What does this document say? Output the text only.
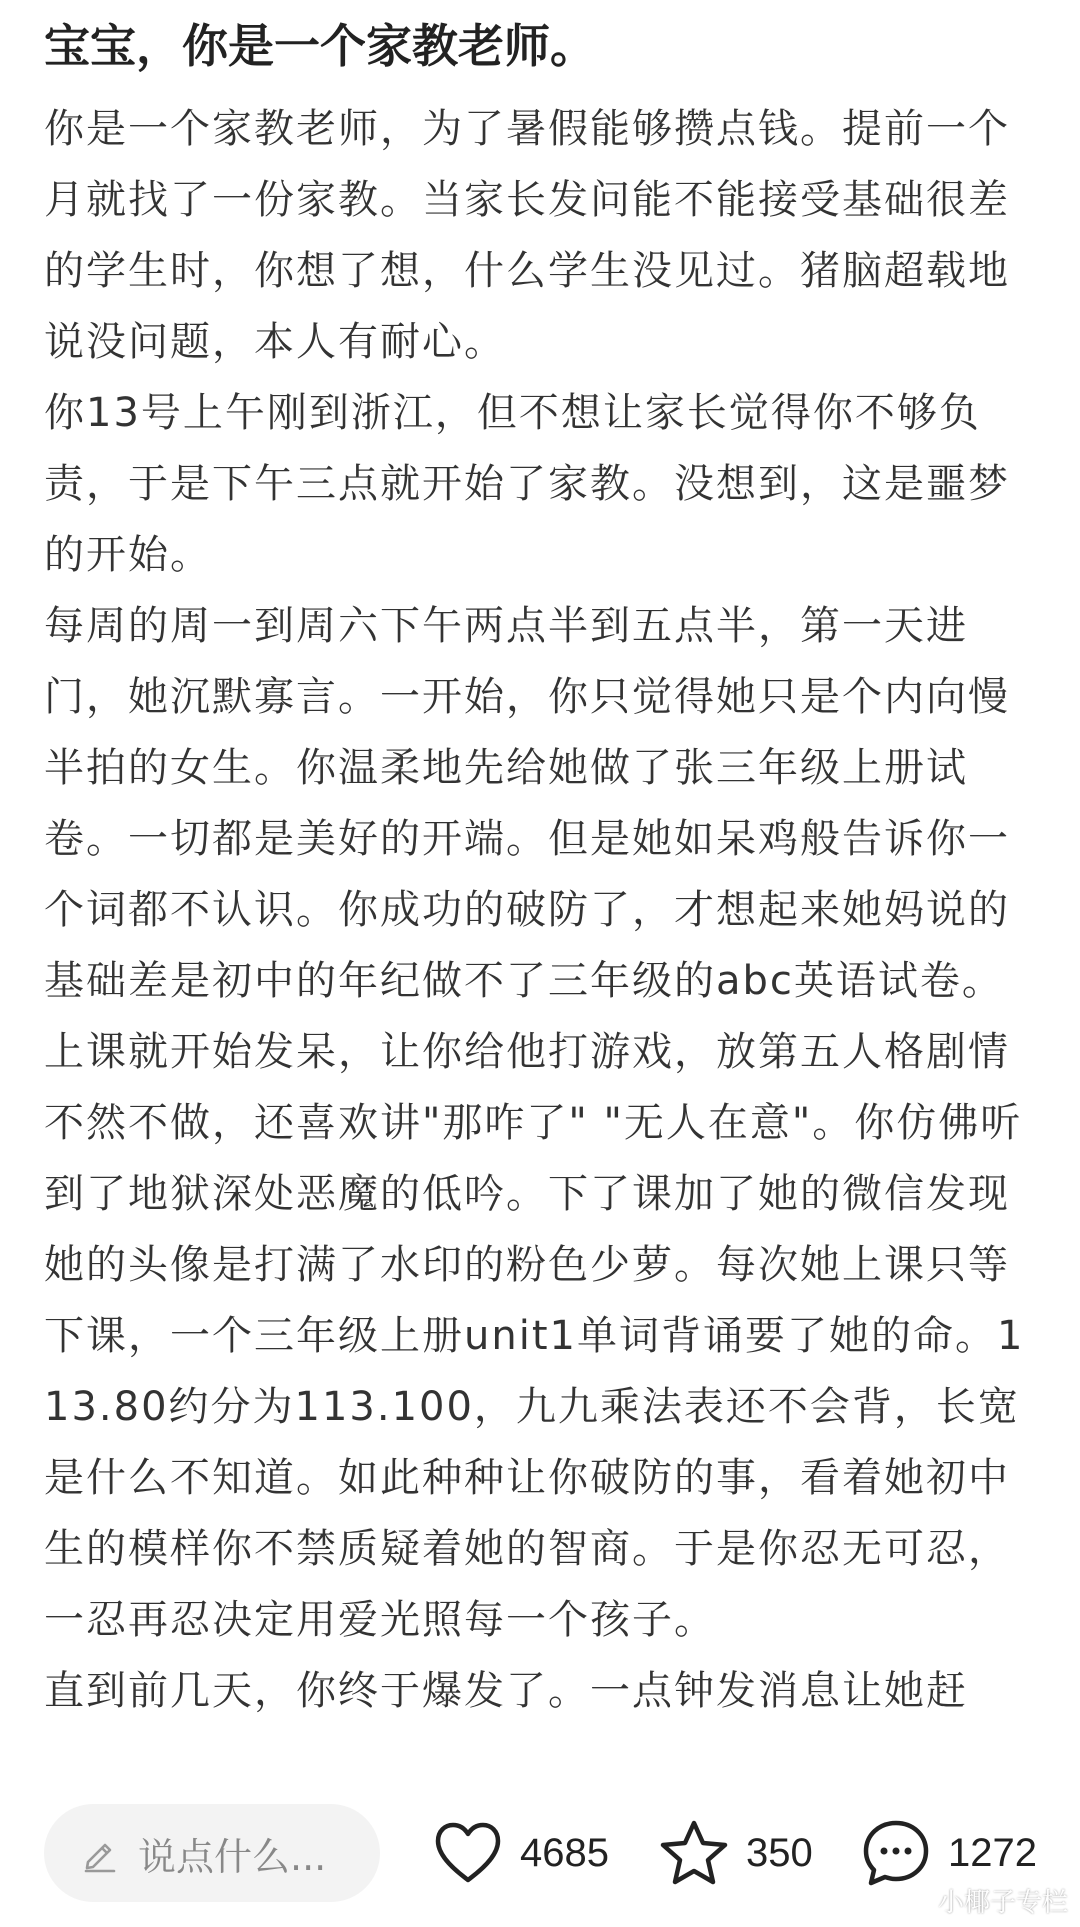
宝宝，你是一个家教老师。

你是一个家教老师，为了暑假能够攒点钱。提前一个月就找了一份家教。当家长发问能不能接受基础很差的学生时，你想了想，什么学生没见过。猪脑超载地说没问题，本人有耐心。

你13号上午刚到浙江，但不想让家长觉得你不够负责，于是下午三点就开始了家教。没想到，这是噩梦的开始。

每周的周一到周六下午两点半到五点半，第一天进门，她沉默寡言。一开始，你只觉得她只是个内向慢半拍的女生。你温柔地先给她做了张三年级上册试卷。一切都是美好的开端。但是她如呆鸡般告诉你一个词都不认识。你成功的破防了，才想起来她妈说的基础差是初中的年纪做不了三年级的abc英语试卷。上课就开始发呆，让你给他打游戏，放第五人格剧情不然不做，还喜欢讲"那咋了" "无人在意"。你仿佛听到了地狱深处恶魔的低吟。下了课加了她的微信发现她的头像是打满了水印的粉色少萝。每次她上课只等下课，一个三年级上册unit1单词背诵要了她的命。113.80约分为113.100，九九乘法表还不会背，长宽是什么不知道。如此种种让你破防的事，看着她初中生的模样你不禁质疑着她的智商。于是你忍无可忍，一忍再忍决定用爱光照每一个孩子。

直到前几天，你终于爆发了。一点钟发消息让她赶

说点什么...	4685	350	1272
小椰子专栏
